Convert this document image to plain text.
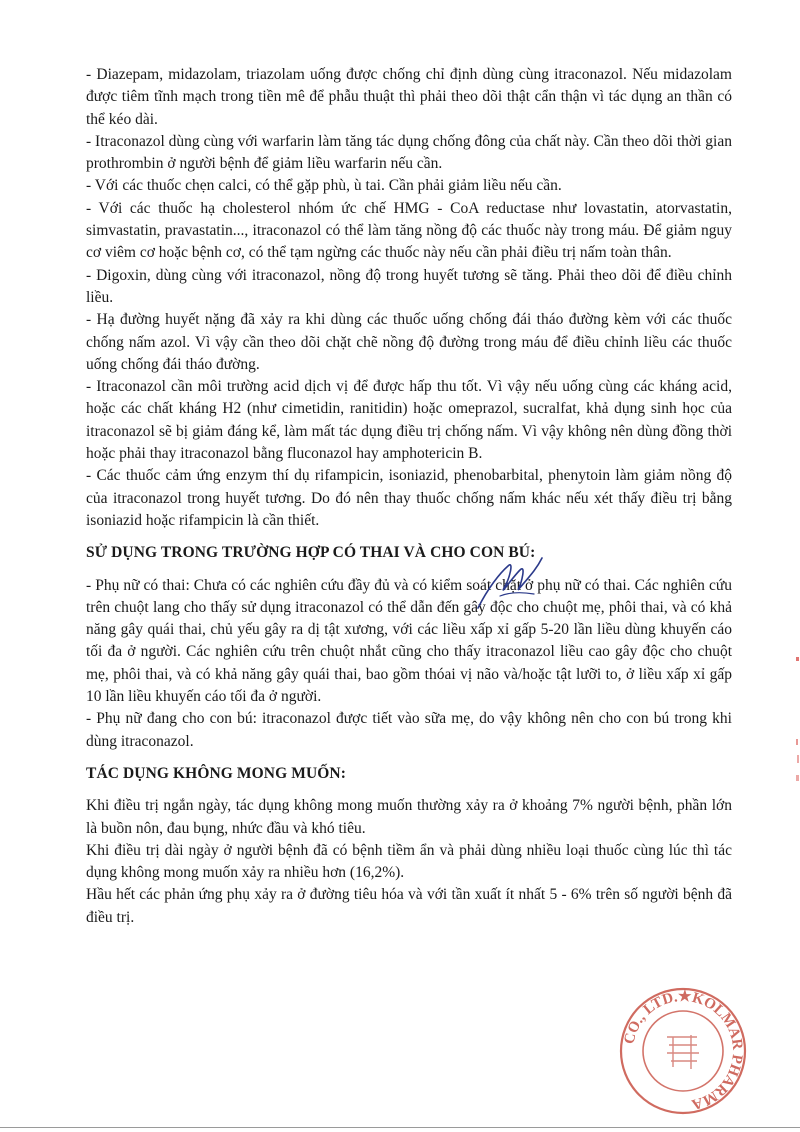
- Diazepam, midazolam, triazolam uống được chống chỉ định dùng cùng itraconazol. Nếu midazolam được tiêm tĩnh mạch trong tiền mê để phẫu thuật thì phải theo dõi thật cẩn thận vì tác dụng an thần có thể kéo dài.

- Itraconazol dùng cùng với warfarin làm tăng tác dụng chống đông của chất này. Cần theo dõi thời gian prothrombin ở người bệnh để giảm liều warfarin nếu cần.

- Với các thuốc chẹn calci, có thể gặp phù, ù tai. Cần phải giảm liều nếu cần.

- Với các thuốc hạ cholesterol nhóm ức chế HMG - CoA reductase như lovastatin, atorvastatin, simvastatin, pravastatin..., itraconazol có thể làm tăng nồng độ các thuốc này trong máu. Để giảm nguy cơ viêm cơ hoặc bệnh cơ, có thể tạm ngừng các thuốc này nếu cần phải điều trị nấm toàn thân.

- Digoxin, dùng cùng với itraconazol, nồng độ trong huyết tương sẽ tăng. Phải theo dõi để điều chỉnh liều.

- Hạ đường huyết nặng đã xảy ra khi dùng các thuốc uống chống đái tháo đường kèm với các thuốc chống nấm azol. Vì vậy cần theo dõi chặt chẽ nồng độ đường trong máu để điều chỉnh liều các thuốc uống chống đái tháo đường.

- Itraconazol cần môi trường acid dịch vị để được hấp thu tốt. Vì vậy nếu uống cùng các kháng acid, hoặc các chất kháng H2 (như cimetidin, ranitidin) hoặc omeprazol, sucralfat, khả dụng sinh học của itraconazol sẽ bị giảm đáng kể, làm mất tác dụng điều trị chống nấm. Vì vậy không nên dùng đồng thời hoặc phải thay itraconazol bằng fluconazol hay amphotericin B.

- Các thuốc cảm ứng enzym thí dụ rifampicin, isoniazid, phenobarbital, phenytoin làm giảm nồng độ của itraconazol trong huyết tương. Do đó nên thay thuốc chống nấm khác nếu xét thấy điều trị bằng isoniazid hoặc rifampicin là cần thiết.

SỬ DỤNG TRONG TRƯỜNG HỢP CÓ THAI VÀ CHO CON BÚ:

- Phụ nữ có thai: Chưa có các nghiên cứu đầy đủ và có kiểm soát chặt ở phụ nữ có thai. Các nghiên cứu trên chuột lang cho thấy sử dụng itraconazol có thể dẫn đến gây độc cho chuột mẹ, phôi thai, và có khả năng gây quái thai, chủ yếu gây ra dị tật xương, với các liều xấp xỉ gấp 5-20 lần liều dùng khuyến cáo tối đa ở người. Các nghiên cứu trên chuột nhắt cũng cho thấy itraconazol liều cao gây độc cho chuột mẹ, phôi thai, và có khả năng gây quái thai, bao gồm thóai vị não và/hoặc tật lưỡi to, ở liều xấp xỉ gấp 10 lần liều khuyến cáo tối đa ở người.

- Phụ nữ đang cho con bú: itraconazol được tiết vào sữa mẹ, do vậy không nên cho con bú trong khi dùng itraconazol.

TÁC DỤNG KHÔNG MONG MUỐN:

Khi điều trị ngắn ngày, tác dụng không mong muốn thường xảy ra ở khoảng 7% người bệnh, phần lớn là buồn nôn, đau bụng, nhức đầu và khó tiêu.

Khi điều trị dài ngày ở người bệnh đã có bệnh tiềm ẩn và phải dùng nhiều loại thuốc cùng lúc thì tác dụng không mong muốn xảy ra nhiều hơn (16,2%).

Hầu hết các phản ứng phụ xảy ra ở đường tiêu hóa và với tần xuất ít nhất 5 - 6% trên số người bệnh đã điều trị.

CO., LTD.★KOLMAR PHARMA
